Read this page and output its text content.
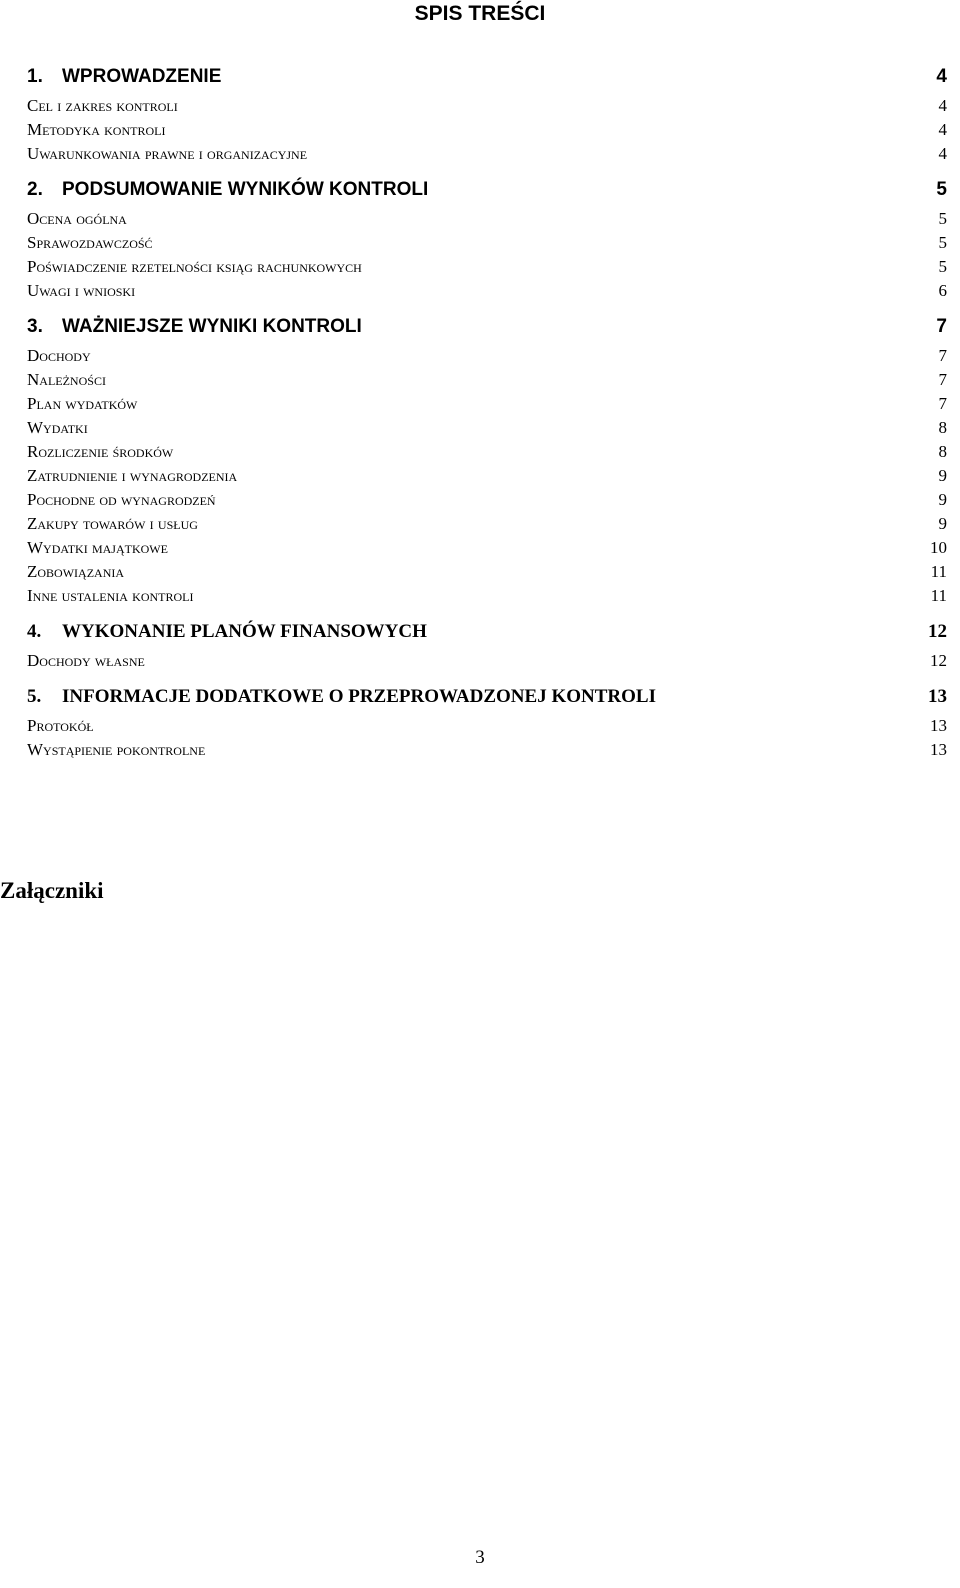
SPIS TREŚCI
1.	WPROWADZENIE	4
Cel i zakres kontroli	4
Metodyka kontroli	4
Uwarunkowania prawne i organizacyjne	4
2.	PODSUMOWANIE WYNIKÓW KONTROLI	5
Ocena ogólna	5
Sprawozdawczość	5
Poświadczenie rzetelności ksiąg rachunkowych	5
Uwagi i wnioski	6
3.	WAŻNIEJSZE WYNIKI KONTROLI	7
Dochody	7
Należności	7
Plan wydatków	7
Wydatki	8
Rozliczenie środków	8
Zatrudnienie i wynagrodzenia	9
Pochodne od wynagrodzeń	9
Zakupy towarów i usług	9
Wydatki majątkowe	10
Zobowiązania	11
Inne ustalenia kontroli	11
4.	WYKONANIE PLANÓW FINANSOWYCH	12
Dochody własne	12
5.	INFORMACJE DODATKOWE O PRZEPROWADZONEJ KONTROLI	13
Protokół	13
Wystąpienie pokontrolne	13
Załączniki
3
